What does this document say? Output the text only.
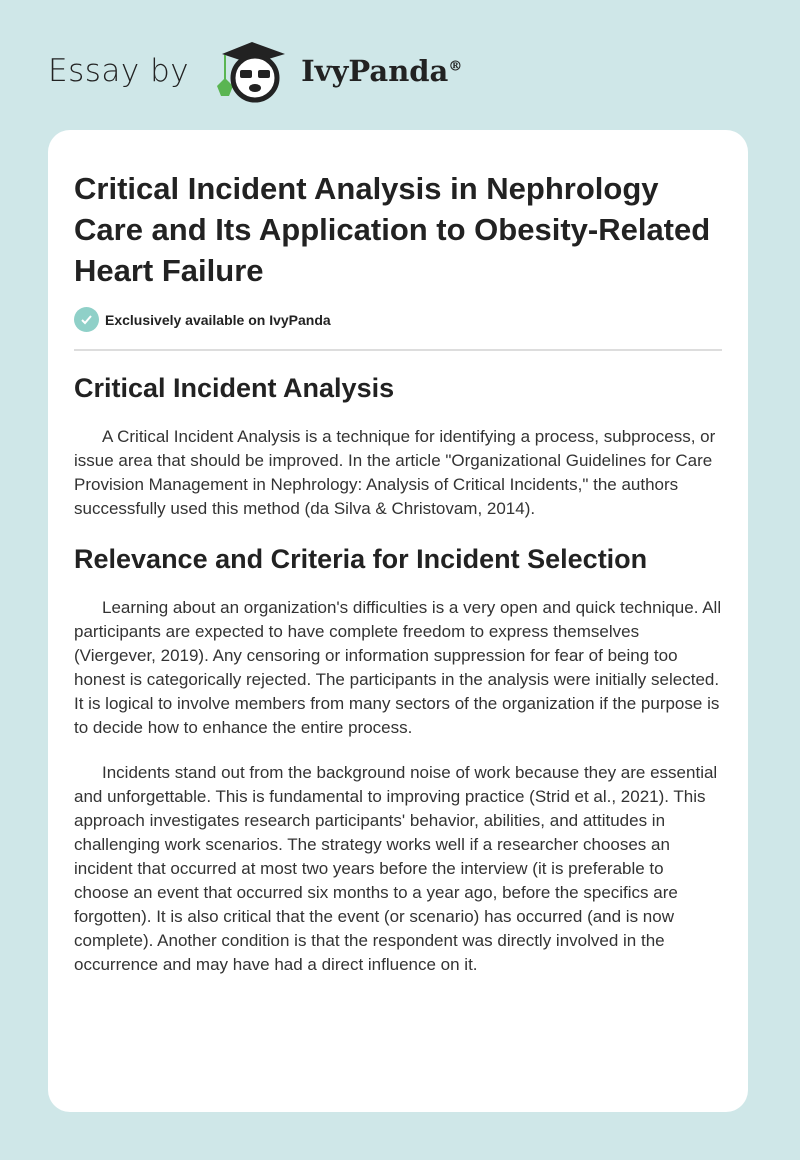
Essay by	IvyPanda®
Critical Incident Analysis in Nephrology Care and Its Application to Obesity-Related Heart Failure
Exclusively available on IvyPanda
Critical Incident Analysis

A Critical Incident Analysis is a technique for identifying a process, subprocess, or issue area that should be improved. In the article "Organizational Guidelines for Care Provision Management in Nephrology: Analysis of Critical Incidents," the authors successfully used this method (da Silva & Christovam, 2014).

Relevance and Criteria for Incident Selection

Learning about an organization's difficulties is a very open and quick technique. All participants are expected to have complete freedom to express themselves (Viergever, 2019). Any censoring or information suppression for fear of being too honest is categorically rejected. The participants in the analysis were initially selected. It is logical to involve members from many sectors of the organization if the purpose is to decide how to enhance the entire process.

Incidents stand out from the background noise of work because they are essential and unforgettable. This is fundamental to improving practice (Strid et al., 2021). This approach investigates research participants' behavior, abilities, and attitudes in challenging work scenarios. The strategy works well if a researcher chooses an incident that occurred at most two years before the interview (it is preferable to choose an event that occurred six months to a year ago, before the specifics are forgotten). It is also critical that the event (or scenario) has occurred (and is now complete). Another condition is that the respondent was directly involved in the occurrence and may have had a direct influence on it.
